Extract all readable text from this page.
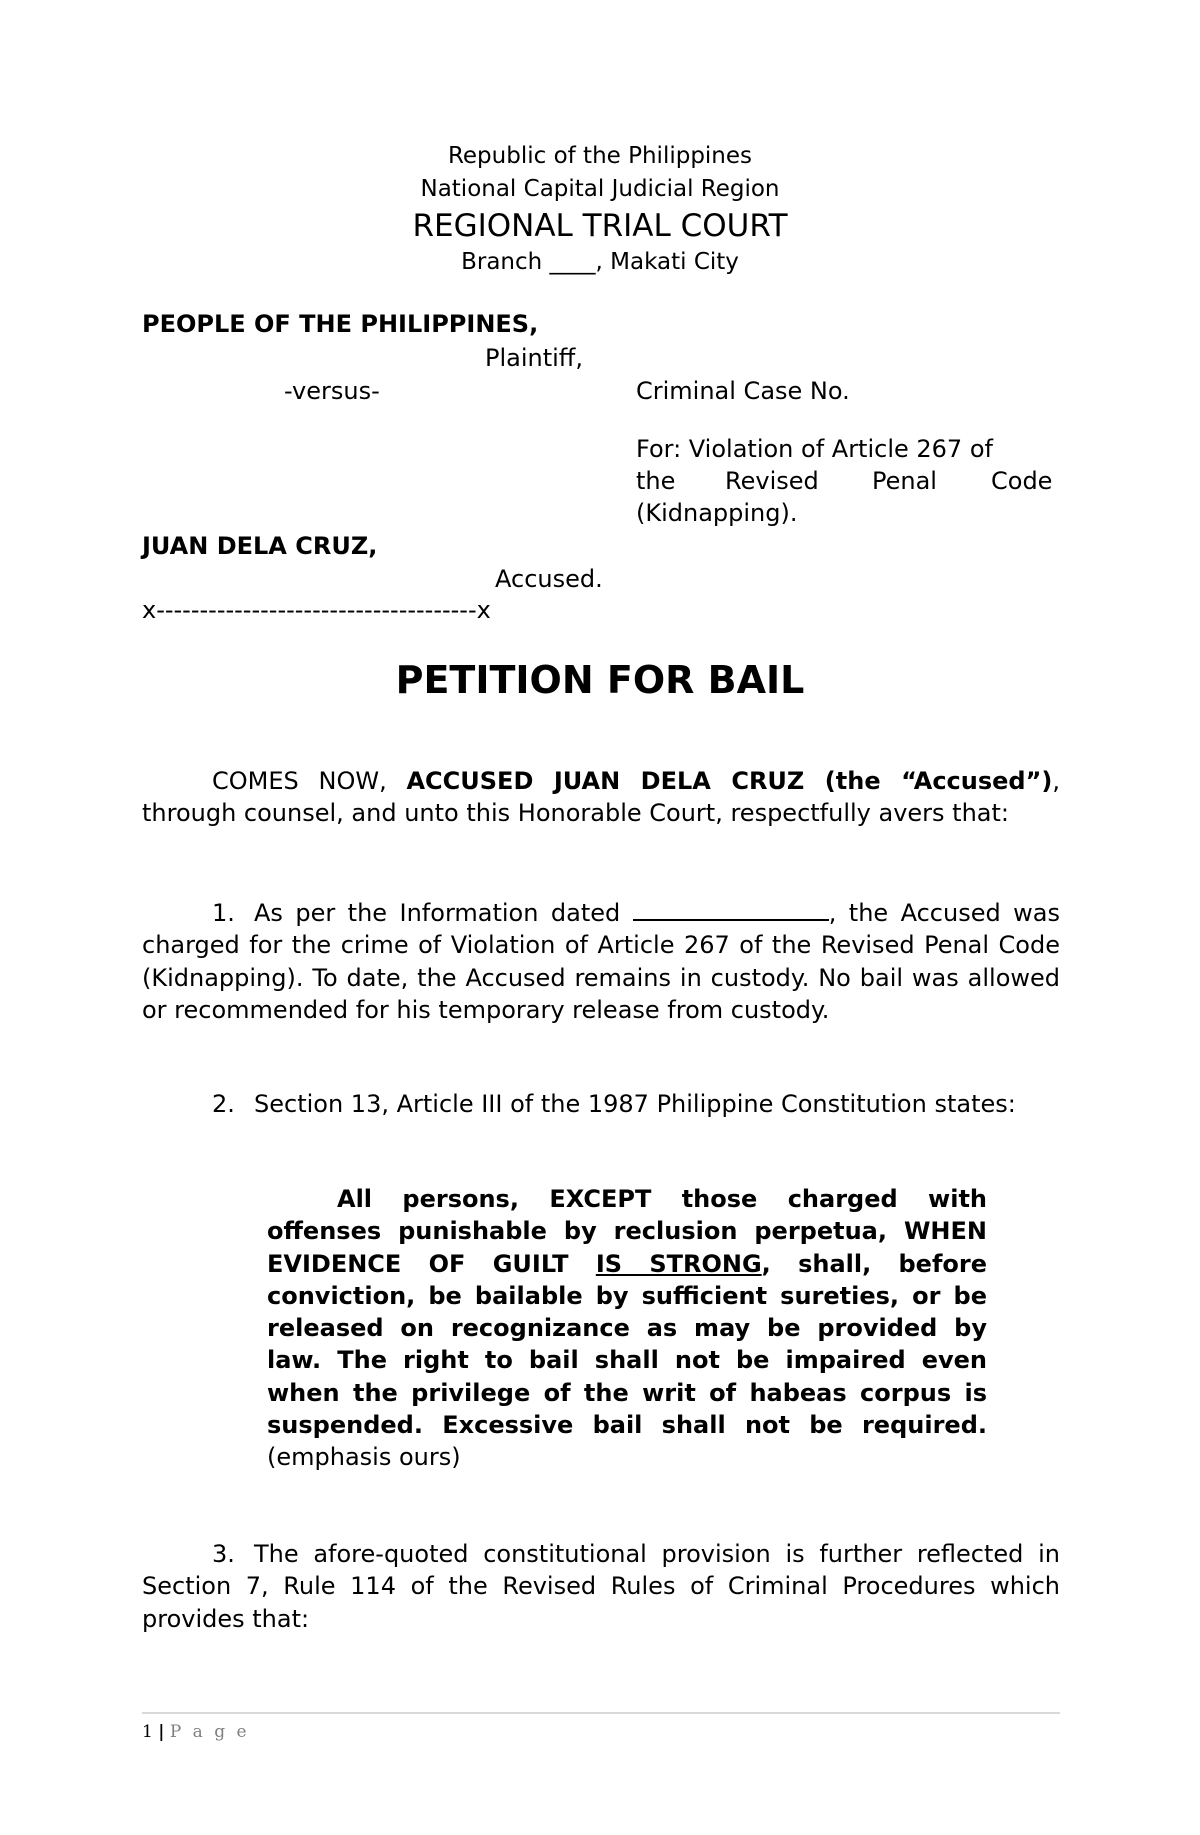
Republic of the Philippines
National Capital Judicial Region
REGIONAL TRIAL COURT
Branch ____, Makati City
PEOPLE OF THE PHILIPPINES,
Plaintiff,
-versus-	Criminal Case No.
For: Violation of Article 267 of
the Revised Penal Code
(Kidnapping).
JUAN DELA CRUZ,
Accused.
x-------------------------------------x
PETITION FOR BAIL
COMES NOW, ACCUSED JUAN DELA CRUZ (the “Accused”), through counsel, and unto this Honorable Court, respectfully avers that:
1. As per the Information dated	, the Accused was charged for the crime of Violation of Article 267 of the Revised Penal Code (Kidnapping). To date, the Accused remains in custody. No bail was allowed or recommended for his temporary release from custody.
2. Section 13, Article III of the 1987 Philippine Constitution states:
All persons, EXCEPT those charged with offenses punishable by reclusion perpetua, WHEN EVIDENCE OF GUILT IS STRONG, shall, before conviction, be bailable by sufficient sureties, or be released on recognizance as may be provided by law. The right to bail shall not be impaired even when the privilege of the writ of habeas corpus is suspended. Excessive bail shall not be required. (emphasis ours)
3. The afore-quoted constitutional provision is further reflected in Section 7, Rule 114 of the Revised Rules of Criminal Procedures which provides that:
1 | P a g e
